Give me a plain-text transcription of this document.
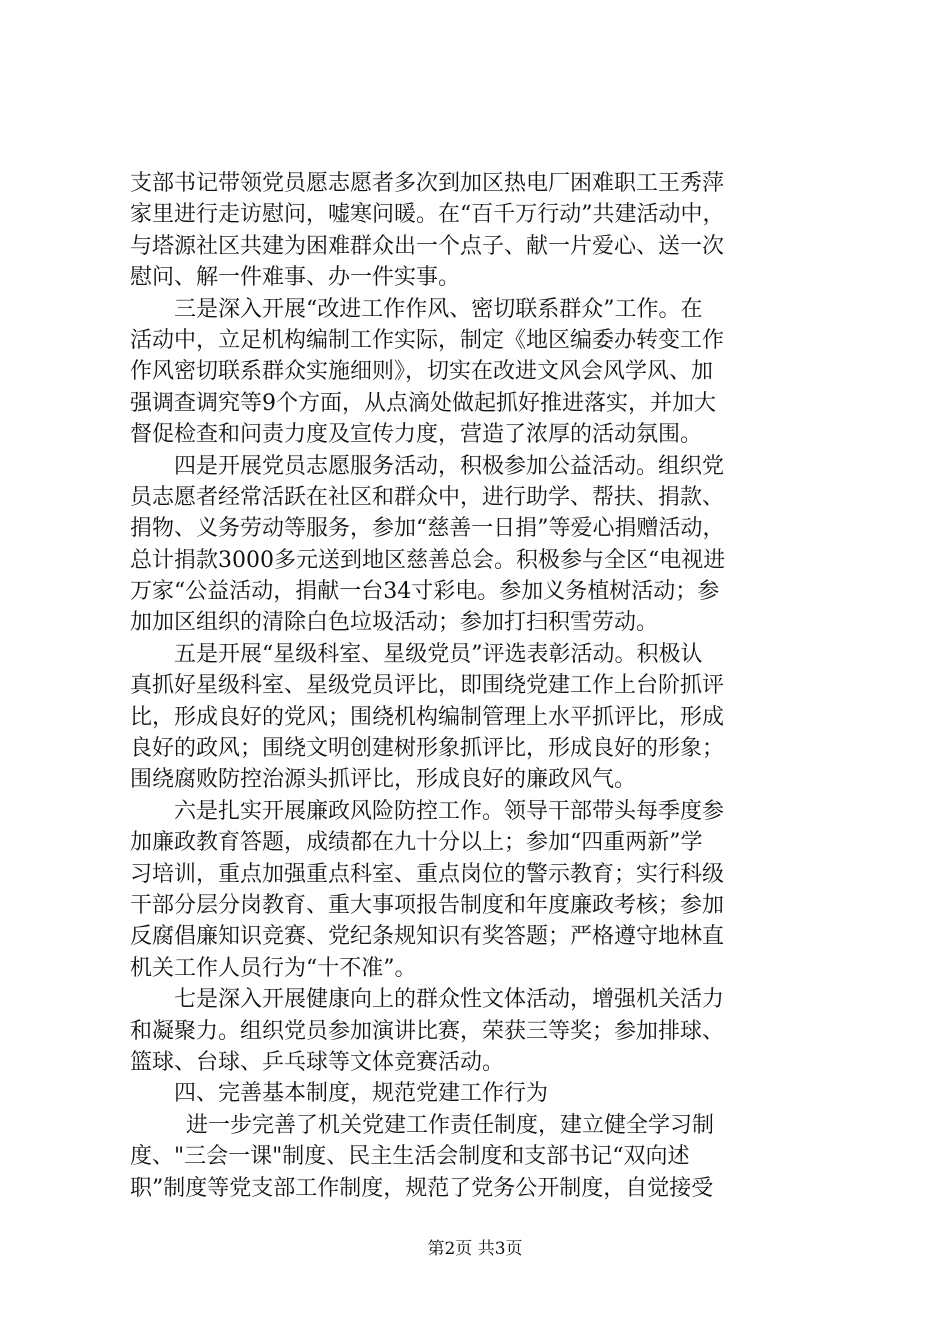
支部书记带领党员愿志愿者多次到加区热电厂困难职工王秀萍
家里进行走访慰问，嘘寒问暖。在“百千万行动”共建活动中，
与塔源社区共建为困难群众出一个点子、献一片爱心、送一次
慰问、解一件难事、办一件实事。
三是深入开展“改进工作作风、密切联系群众”工作。在
活动中，立足机构编制工作实际，制定《地区编委办转变工作
作风密切联系群众实施细则》，切实在改进文风会风学风、加
强调查调究等9个方面，从点滴处做起抓好推进落实，并加大
督促检查和问责力度及宣传力度，营造了浓厚的活动氛围。
四是开展党员志愿服务活动，积极参加公益活动。组织党
员志愿者经常活跃在社区和群众中，进行助学、帮扶、捐款、
捐物、义务劳动等服务，参加“慈善一日捐”等爱心捐赠活动，
总计捐款3000多元送到地区慈善总会。积极参与全区“电视进
万家“公益活动，捐献一台34寸彩电。参加义务植树活动；参
加加区组织的清除白色垃圾活动；参加打扫积雪劳动。
五是开展“星级科室、星级党员”评选表彰活动。积极认
真抓好星级科室、星级党员评比，即围绕党建工作上台阶抓评
比，形成良好的党风；围绕机构编制管理上水平抓评比，形成
良好的政风；围绕文明创建树形象抓评比，形成良好的形象；
围绕腐败防控治源头抓评比，形成良好的廉政风气。
六是扎实开展廉政风险防控工作。领导干部带头每季度参
加廉政教育答题，成绩都在九十分以上；参加“四重两新”学
习培训，重点加强重点科室、重点岗位的警示教育；实行科级
干部分层分岗教育、重大事项报告制度和年度廉政考核；参加
反腐倡廉知识竞赛、党纪条规知识有奖答题；严格遵守地林直
机关工作人员行为“十不准”。
七是深入开展健康向上的群众性文体活动，增强机关活力
和凝聚力。组织党员参加演讲比赛，荣获三等奖；参加排球、
篮球、台球、乒乓球等文体竞赛活动。
四、完善基本制度，规范党建工作行为
进一步完善了机关党建工作责任制度，建立健全学习制
度、"三会一课"制度、民主生活会制度和支部书记“双向述
职”制度等党支部工作制度，规范了党务公开制度，自觉接受
第2页 共3页
